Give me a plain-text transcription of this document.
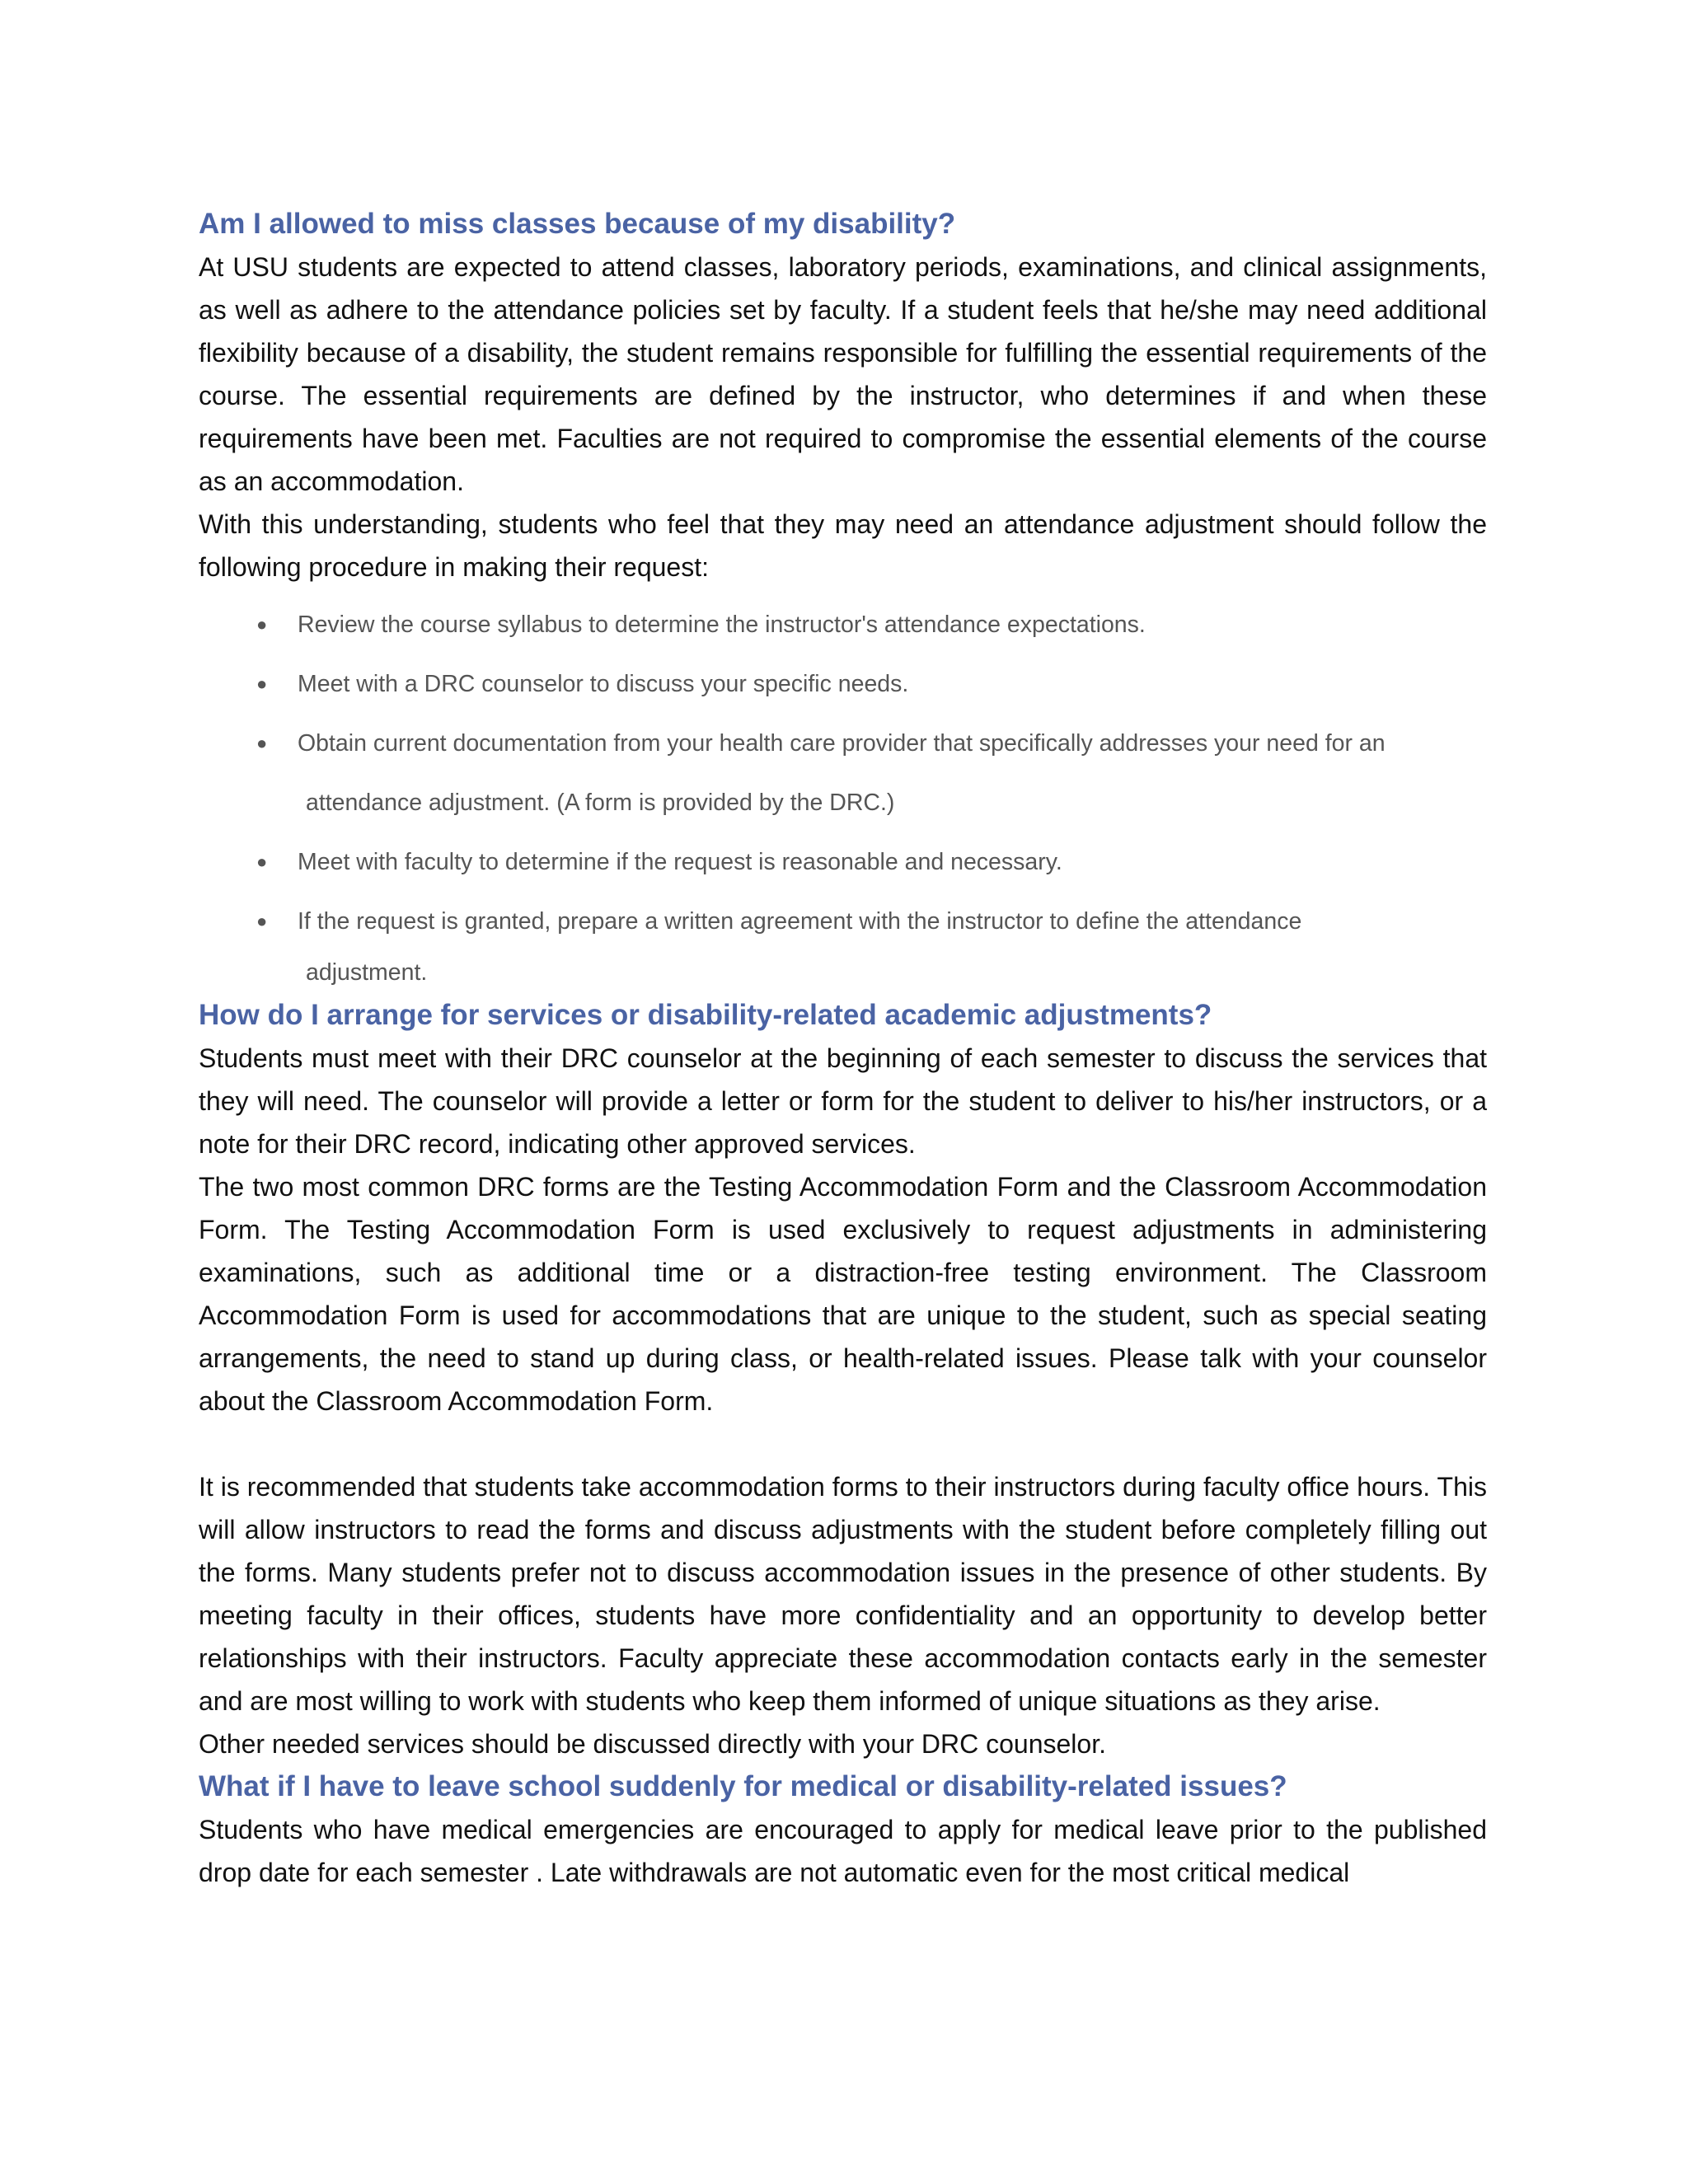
Am I allowed to miss classes because of my disability?

At USU students are expected to attend classes, laboratory periods, examinations, and clinical assignments, as well as adhere to the attendance policies set by faculty. If a student feels that he/she may need additional flexibility because of a disability, the student remains responsible for fulfilling the essential requirements of the course. The essential requirements are defined by the instructor, who determines if and when these requirements have been met. Faculties are not required to compromise the essential elements of the course as an accommodation.

With this understanding, students who feel that they may need an attendance adjustment should follow the following procedure in making their request:

● Review the course syllabus to determine the instructor's attendance expectations.
● Meet with a DRC counselor to discuss your specific needs.
● Obtain current documentation from your health care provider that specifically addresses your need for an
attendance adjustment. (A form is provided by the DRC.)
● Meet with faculty to determine if the request is reasonable and necessary.
● If the request is granted, prepare a written agreement with the instructor to define the attendance
adjustment.
How do I arrange for services or disability-related academic adjustments?

Students must meet with their DRC counselor at the beginning of each semester to discuss the services that they will need. The counselor will provide a letter or form for the student to deliver to his/her instructors, or a note for their DRC record, indicating other approved services.

The two most common DRC forms are the Testing Accommodation Form and the Classroom Accommodation Form. The Testing Accommodation Form is used exclusively to request adjustments in administering examinations, such as additional time or a distraction-free testing environment. The Classroom Accommodation Form is used for accommodations that are unique to the student, such as special seating arrangements, the need to stand up during class, or health-related issues. Please talk with your counselor about the Classroom Accommodation Form.

It is recommended that students take accommodation forms to their instructors during faculty office hours. This will allow instructors to read the forms and discuss adjustments with the student before completely filling out the forms. Many students prefer not to discuss accommodation issues in the presence of other students. By meeting faculty in their offices, students have more confidentiality and an opportunity to develop better relationships with their instructors. Faculty appreciate these accommodation contacts early in the semester and are most willing to work with students who keep them informed of unique situations as they arise.

Other needed services should be discussed directly with your DRC counselor.

What if I have to leave school suddenly for medical or disability-related issues?

Students who have medical emergencies are encouraged to apply for medical leave prior to the published drop date for each semester . Late withdrawals are not automatic even for the most critical medical
